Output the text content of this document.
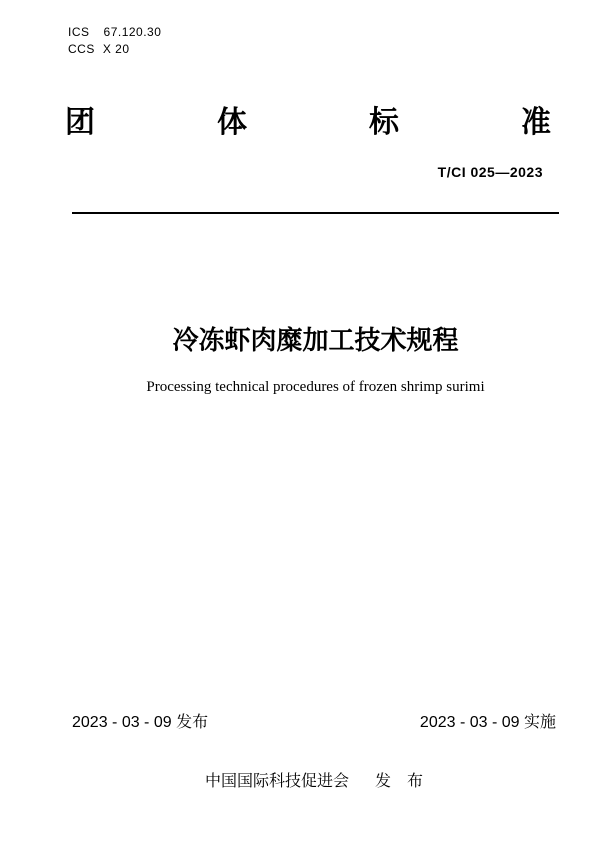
ICS 67.120.30
CCS X 20
团	体	标	准
T/CI 025—2023
冷冻虾肉糜加工技术规程
Processing technical procedures of frozen shrimp surimi
2023 - 03 - 09 发布	2023 - 03 - 09 实施
中国国际科技促进会 发　布
